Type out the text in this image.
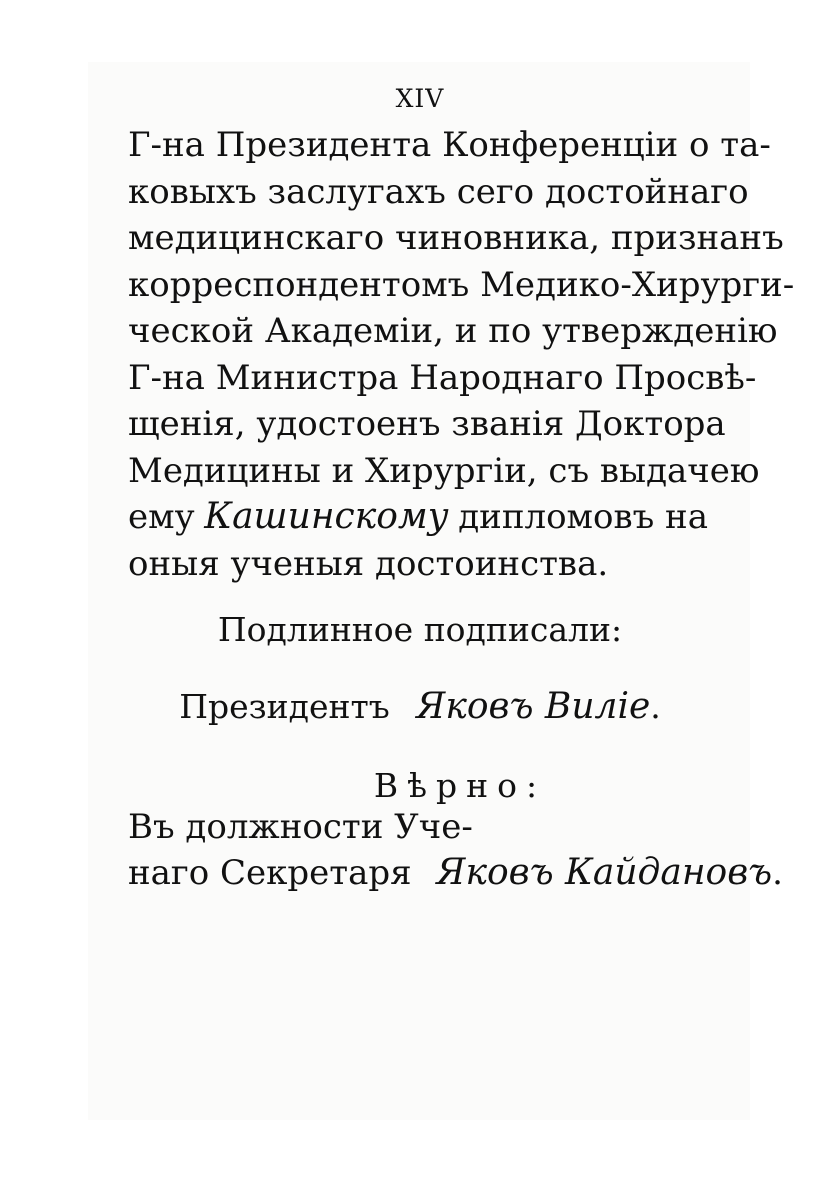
XIV
Г-на Президента Конференціи о та-
ковыхъ заслугахъ сего достойнаго
медицинскаго чиновника, признанъ
корреспондентомъ Медико-Хирурги-
ческой Академіи, и по утвержденію
Г-на Министра Народнаго Просвѣ-
щенія, удостоенъ званія Доктора
Медицины и Хирургіи, съ выдачею
ему Кашинскому дипломовъ на
оныя ученыя достоинства.
Подлинное подписали:
Президентъ Яковъ Виліе.
Вѣрно:
Въ должности Уче-
наго Секретаря Яковъ Кайдановъ.
